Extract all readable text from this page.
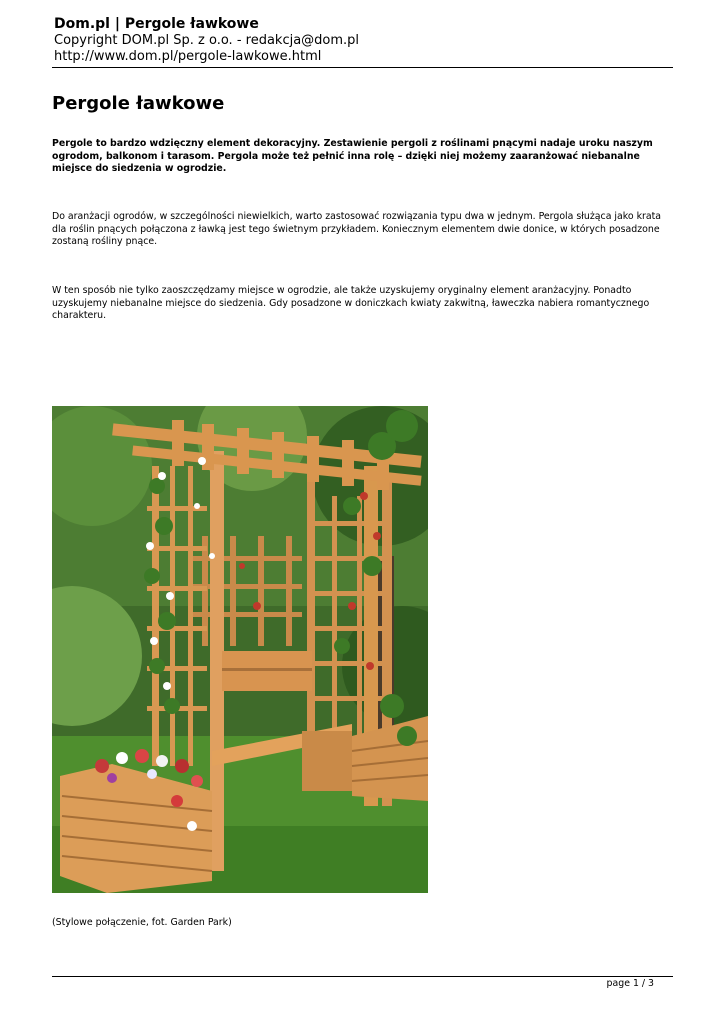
Dom.pl | Pergole ławkowe
Copyright DOM.pl Sp. z o.o. - redakcja@dom.pl
http://www.dom.pl/pergole-lawkowe.html
Pergole ławkowe
Pergole to bardzo wdzięczny element dekoracyjny. Zestawienie pergoli z roślinami pnącymi nadaje uroku naszym ogrodom, balkonom i tarasom. Pergola może też pełnić inna rolę – dzięki niej możemy zaaranżować niebanalne miejsce do siedzenia w ogrodzie.
Do aranżacji ogrodów, w szczególności niewielkich, warto zastosować rozwiązania typu dwa w jednym. Pergola służąca jako krata dla roślin pnących połączona z ławką jest tego świetnym przykładem. Koniecznym elementem dwie donice, w których posadzone zostaną rośliny pnące.
W ten sposób nie tylko zaoszczędzamy miejsce w ogrodzie, ale także uzyskujemy oryginalny element aranżacyjny. Ponadto uzyskujemy niebanalne miejsce do siedzenia. Gdy posadzone w doniczkach kwiaty zakwitną, ławeczka nabiera romantycznego charakteru.
(Stylowe połączenie, fot. Garden Park)
page 1 / 3
